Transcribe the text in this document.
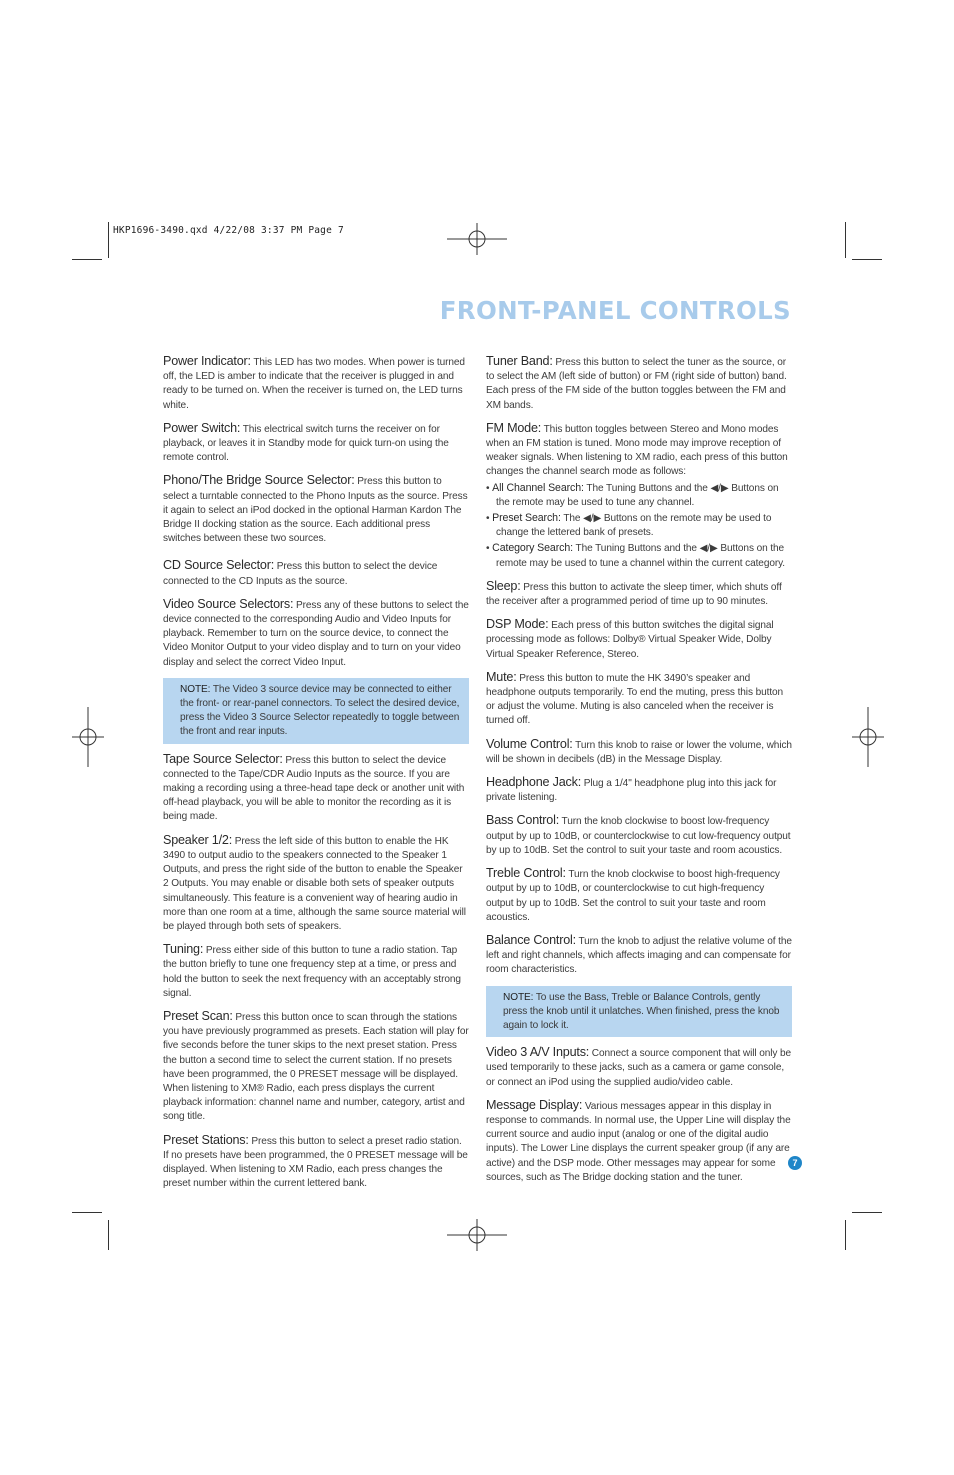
HKP1696-3490.qxd 4/22/08 3:37 PM Page 7
FRONT-PANEL CONTROLS

Power Indicator: This LED has two modes. When power is turned off, the LED is amber to indicate that the receiver is plugged in and ready to be turned on. When the receiver is turned on, the LED turns white.

Power Switch: This electrical switch turns the receiver on for playback, or leaves it in Standby mode for quick turn-on using the remote control.

Phono/The Bridge Source Selector: Press this button to select a turntable connected to the Phono Inputs as the source. Press it again to select an iPod docked in the optional Harman Kardon The Bridge II docking station as the source. Each additional press switches between these two sources.

CD Source Selector: Press this button to select the device connected to the CD Inputs as the source.

Video Source Selectors: Press any of these buttons to select the device connected to the corresponding Audio and Video Inputs for playback. Remember to turn on the source device, to connect the Video Monitor Output to your video display and to turn on your video display and select the correct Video Input.

NOTE: The Video 3 source device may be connected to either the front- or rear-panel connectors. To select the desired device, press the Video 3 Source Selector repeatedly to toggle between the front and rear inputs.

Tape Source Selector: Press this button to select the device connected to the Tape/CDR Audio Inputs as the source. If you are making a recording using a three-head tape deck or another unit with off-head playback, you will be able to monitor the recording as it is being made.

Speaker 1/2: Press the left side of this button to enable the HK 3490 to output audio to the speakers connected to the Speaker 1 Outputs, and press the right side of the button to enable the Speaker 2 Outputs. You may enable or disable both sets of speaker outputs simultaneously. This feature is a convenient way of hearing audio in more than one room at a time, although the same source material will be played through both sets of speakers.

Tuning: Press either side of this button to tune a radio station. Tap the button briefly to tune one frequency step at a time, or press and hold the button to seek the next frequency with an acceptably strong signal.

Preset Scan: Press this button once to scan through the stations you have previously programmed as presets. Each station will play for five seconds before the tuner skips to the next preset station. Press the button a second time to select the current station. If no presets have been programmed, the 0 PRESET message will be displayed. When listening to XM® Radio, each press displays the current playback information: channel name and number, category, artist and song title.

Preset Stations: Press this button to select a preset radio station. If no presets have been programmed, the 0 PRESET message will be displayed. When listening to XM Radio, each press changes the preset number within the current lettered bank.

Tuner Band: Press this button to select the tuner as the source, or to select the AM (left side of button) or FM (right side of button) band. Each press of the FM side of the button toggles between the FM and XM bands.

FM Mode: This button toggles between Stereo and Mono modes when an FM station is tuned. Mono mode may improve reception of weaker signals. When listening to XM radio, each press of this button changes the channel search mode as follows:

• All Channel Search: The Tuning Buttons and the ◀/▶ Buttons on the remote may be used to tune any channel.

• Preset Search: The ◀/▶ Buttons on the remote may be used to change the lettered bank of presets.

• Category Search: The Tuning Buttons and the ◀/▶ Buttons on the remote may be used to tune a channel within the current category.

Sleep: Press this button to activate the sleep timer, which shuts off the receiver after a programmed period of time up to 90 minutes.

DSP Mode: Each press of this button switches the digital signal processing mode as follows: Dolby® Virtual Speaker Wide, Dolby Virtual Speaker Reference, Stereo.

Mute: Press this button to mute the HK 3490’s speaker and headphone outputs temporarily. To end the muting, press this button or adjust the volume. Muting is also canceled when the receiver is turned off.

Volume Control: Turn this knob to raise or lower the volume, which will be shown in decibels (dB) in the Message Display.

Headphone Jack: Plug a 1/4" headphone plug into this jack for private listening.

Bass Control: Turn the knob clockwise to boost low-frequency output by up to 10dB, or counterclockwise to cut low-frequency output by up to 10dB. Set the control to suit your taste and room acoustics.

Treble Control: Turn the knob clockwise to boost high-frequency output by up to 10dB, or counterclockwise to cut high-frequency output by up to 10dB. Set the control to suit your taste and room acoustics.

Balance Control: Turn the knob to adjust the relative volume of the left and right channels, which affects imaging and can compensate for room characteristics.

NOTE: To use the Bass, Treble or Balance Controls, gently press the knob until it unlatches. When finished, press the knob again to lock it.

Video 3 A/V Inputs: Connect a source component that will only be used temporarily to these jacks, such as a camera or game console, or connect an iPod using the supplied audio/video cable.

Message Display: Various messages appear in this display in response to commands. In normal use, the Upper Line will display the current source and audio input (analog or one of the digital audio inputs). The Lower Line displays the current speaker group (if any are active) and the DSP mode. Other messages may appear for some sources, such as The Bridge docking station and the tuner.

7
